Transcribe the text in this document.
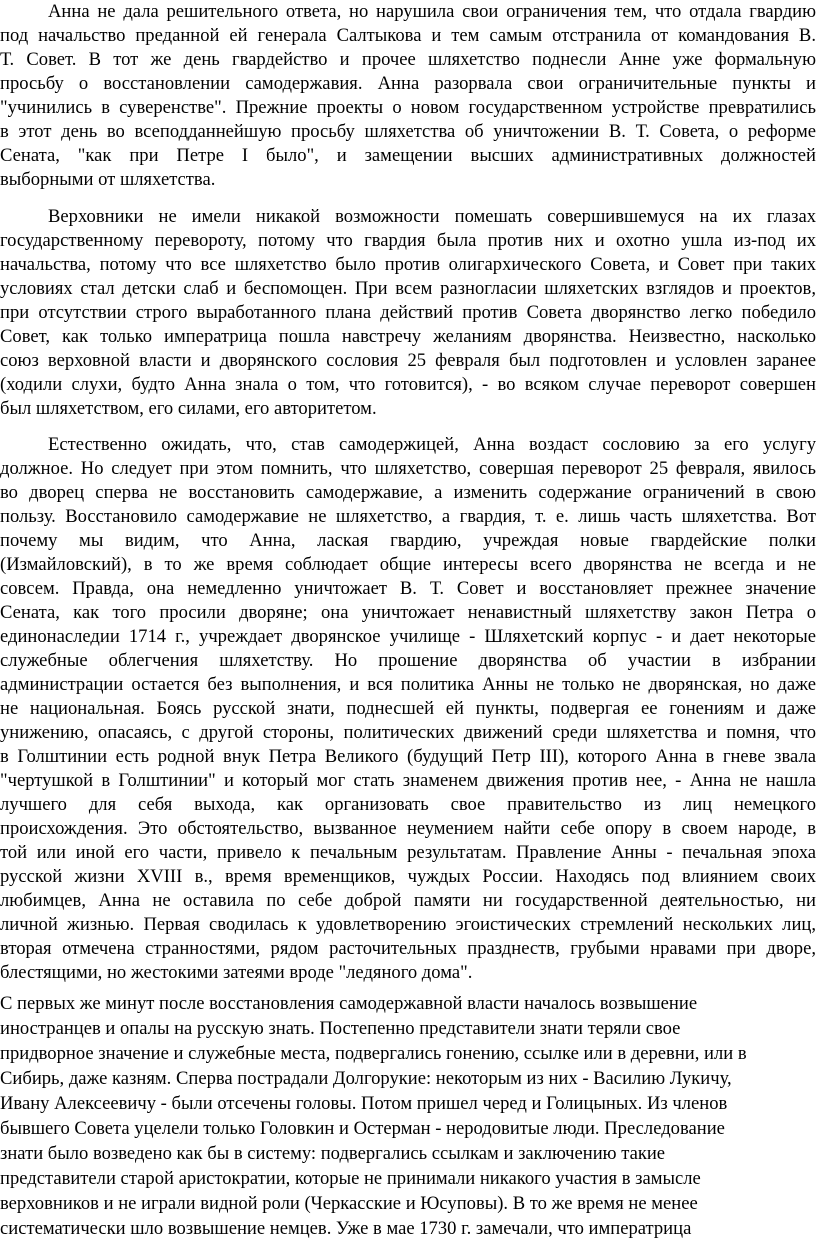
Анна не дала решительного ответа, но нарушила свои ограничения тем, что отдала гвардию
под начальство преданной ей генерала Салтыкова и тем самым отстранила от командования В.
Т. Совет. В тот же день гвардейство и прочее шляхетство поднесли Анне уже формальную
просьбу о восстановлении самодержавия. Анна разорвала свои ограничительные пункты и
"учинились в суверенстве". Прежние проекты о новом государственном устройстве превратились
в этот день во всеподданнейшую просьбу шляхетства об уничтожении В. Т. Совета, о реформе
Сената, "как при Петре I было", и замещении высших административных должностей
выборными от шляхетства.
Верховники не имели никакой возможности помешать совершившемуся на их глазах
государственному перевороту, потому что гвардия была против них и охотно ушла из-под их
начальства, потому что все шляхетство было против олигархического Совета, и Совет при таких
условиях стал детски слаб и беспомощен. При всем разногласии шляхетских взглядов и проектов,
при отсутствии строго выработанного плана действий против Совета дворянство легко победило
Совет, как только императрица пошла навстречу желаниям дворянства. Неизвестно, насколько
союз верховной власти и дворянского сословия 25 февраля был подготовлен и условлен заранее
(ходили слухи, будто Анна знала о том, что готовится), - во всяком случае переворот совершен
был шляхетством, его силами, его авторитетом.
Естественно ожидать, что, став самодержицей, Анна воздаст сословию за его услугу
должное. Но следует при этом помнить, что шляхетство, совершая переворот 25 февраля, явилось
во дворец сперва не восстановить самодержавие, а изменить содержание ограничений в свою
пользу. Восстановило самодержавие не шляхетство, а гвардия, т. е. лишь часть шляхетства. Вот
почему мы видим, что Анна, лаская гвардию, учреждая новые гвардейские полки
(Измайловский), в то же время соблюдает общие интересы всего дворянства не всегда и не
совсем. Правда, она немедленно уничтожает В. Т. Совет и восстановляет прежнее значение
Сената, как того просили дворяне; она уничтожает ненавистный шляхетству закон Петра о
единонаследии 1714 г., учреждает дворянское училище - Шляхетский корпус - и дает некоторые
служебные облегчения шляхетству. Но прошение дворянства об участии в избрании
администрации остается без выполнения, и вся политика Анны не только не дворянская, но даже
не национальная. Боясь русской знати, поднесшей ей пункты, подвергая ее гонениям и даже
унижению, опасаясь, с другой стороны, политических движений среди шляхетства и помня, что
в Голштинии есть родной внук Петра Великого (будущий Петр III), которого Анна в гневе звала
"чертушкой в Голштинии" и который мог стать знаменем движения против нее, - Анна не нашла
лучшего для себя выхода, как организовать свое правительство из лиц немецкого
происхождения. Это обстоятельство, вызванное неумением найти себе опору в своем народе, в
той или иной его части, привело к печальным результатам. Правление Анны - печальная эпоха
русской жизни XVIII в., время временщиков, чуждых России. Находясь под влиянием своих
любимцев, Анна не оставила по себе доброй памяти ни государственной деятельностью, ни
личной жизнью. Первая сводилась к удовлетворению эгоистических стремлений нескольких лиц,
вторая отмечена странностями, рядом расточительных празднеств, грубыми нравами при дворе,
блестящими, но жестокими затеями вроде "ледяного дома".
С первых же минут после восстановления самодержавной власти началось возвышение
иностранцев и опалы на русскую знать. Постепенно представители знати теряли свое
придворное значение и служебные места, подвергались гонению, ссылке или в деревни, или в
Сибирь, даже казням. Сперва пострадали Долгорукие: некоторым из них - Василию Лукичу,
Ивану Алексеевичу - были отсечены головы. Потом пришел черед и Голицыных. Из членов
бывшего Совета уцелели только Головкин и Остерман - неродовитые люди. Преследование
знати было возведено как бы в систему: подвергались ссылкам и заключению такие
представители старой аристократии, которые не принимали никакого участия в замысле
верховников и не играли видной роли (Черкасские и Юсуповы). В то же время не менее
систематически шло возвышение немцев. Уже в мае 1730 г. замечали, что императрица
